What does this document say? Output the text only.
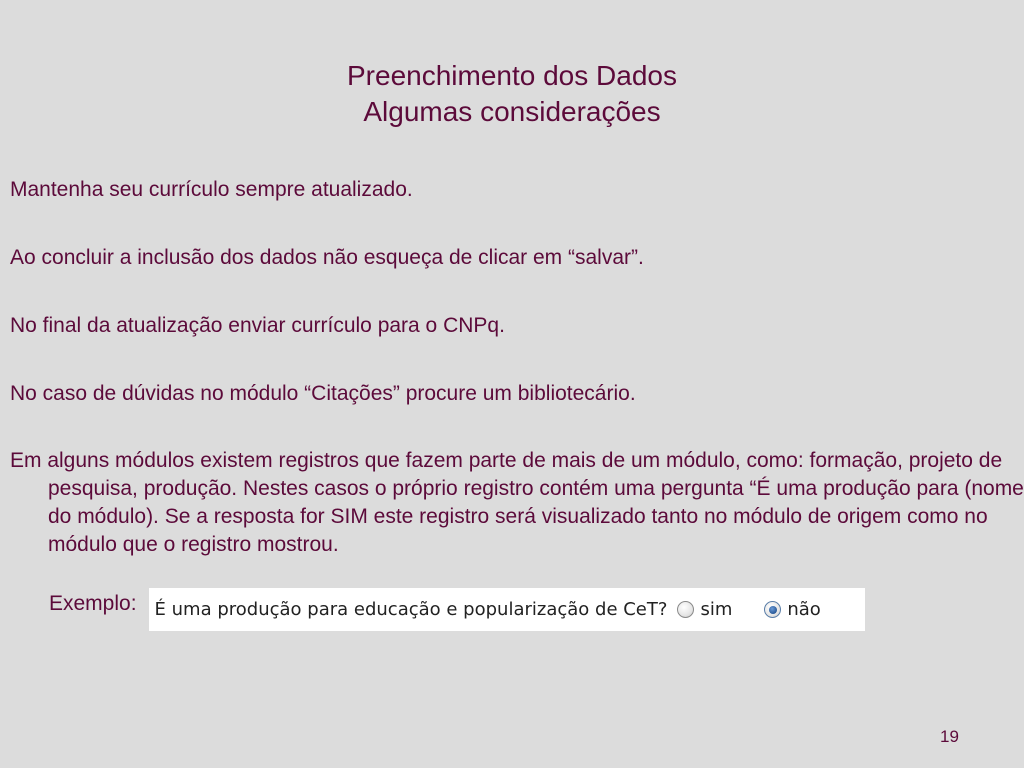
Preenchimento dos Dados
Algumas considerações

Mantenha seu currículo sempre atualizado.

Ao concluir a inclusão dos dados não esqueça de clicar em “salvar”.

No final da atualização enviar currículo para o CNPq.

No caso de dúvidas no módulo “Citações” procure um bibliotecário.

Em alguns módulos existem registros que fazem parte de mais de um módulo, como: formação, projeto de pesquisa, produção. Nestes casos o próprio registro contém uma pergunta “É uma produção para (nome do módulo). Se a resposta for SIM este registro será visualizado tanto no módulo de origem como no módulo que o registro mostrou.

Exemplo: É uma produção para educação e popularização de CeT? sim	não
19
